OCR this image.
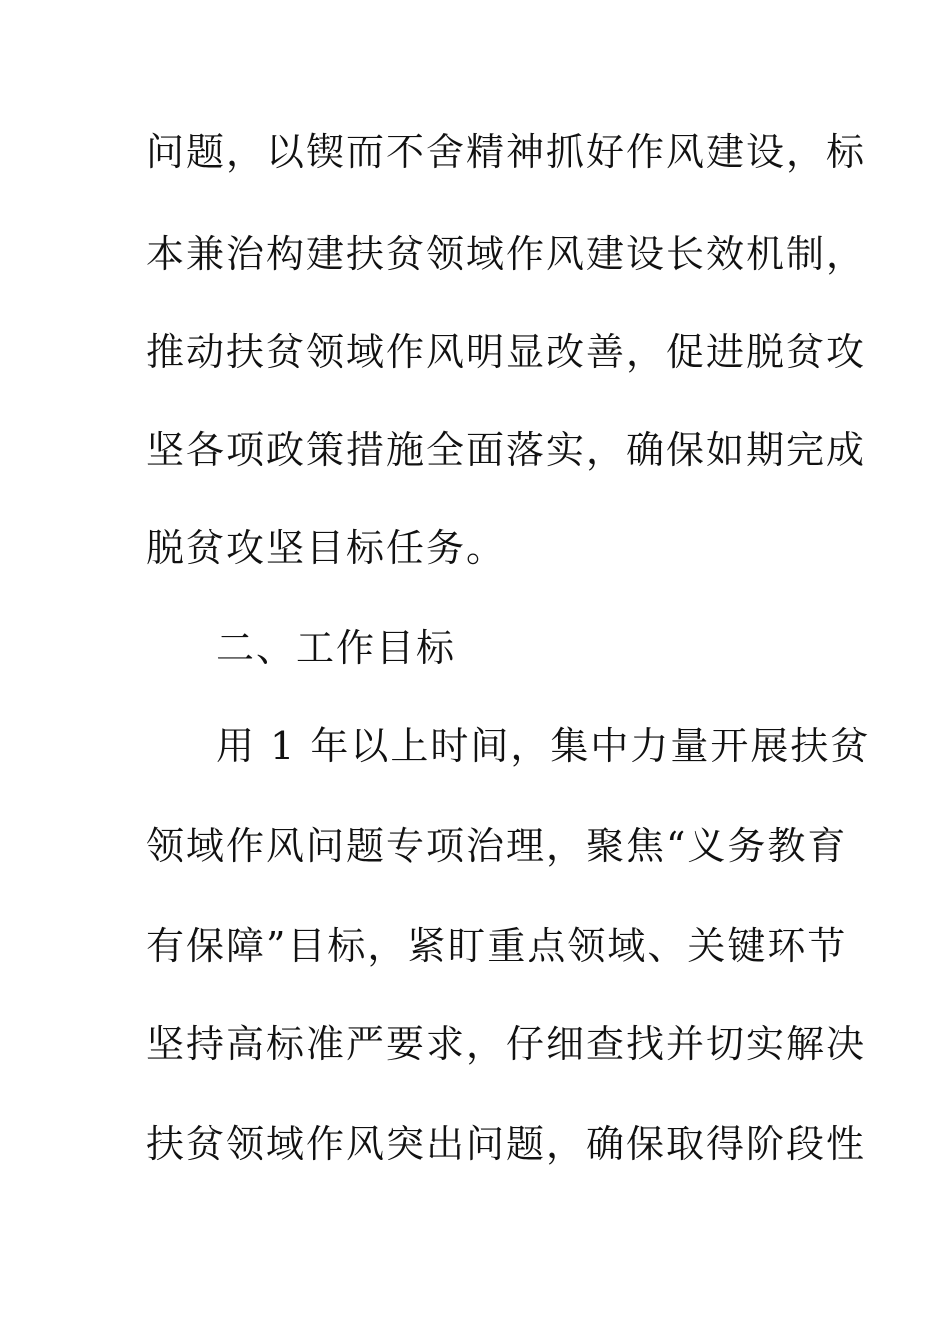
问题，以锲而不舍精神抓好作风建设，标
本兼治构建扶贫领域作风建设长效机制，
推动扶贫领域作风明显改善，促进脱贫攻
坚各项政策措施全面落实，确保如期完成
脱贫攻坚目标任务。
二、工作目标
用 1 年以上时间，集中力量开展扶贫
领域作风问题专项治理，聚焦“义务教育
有保障”目标，紧盯重点领域、关键环节
坚持高标准严要求，仔细查找并切实解决
扶贫领域作风突出问题，确保取得阶段性
